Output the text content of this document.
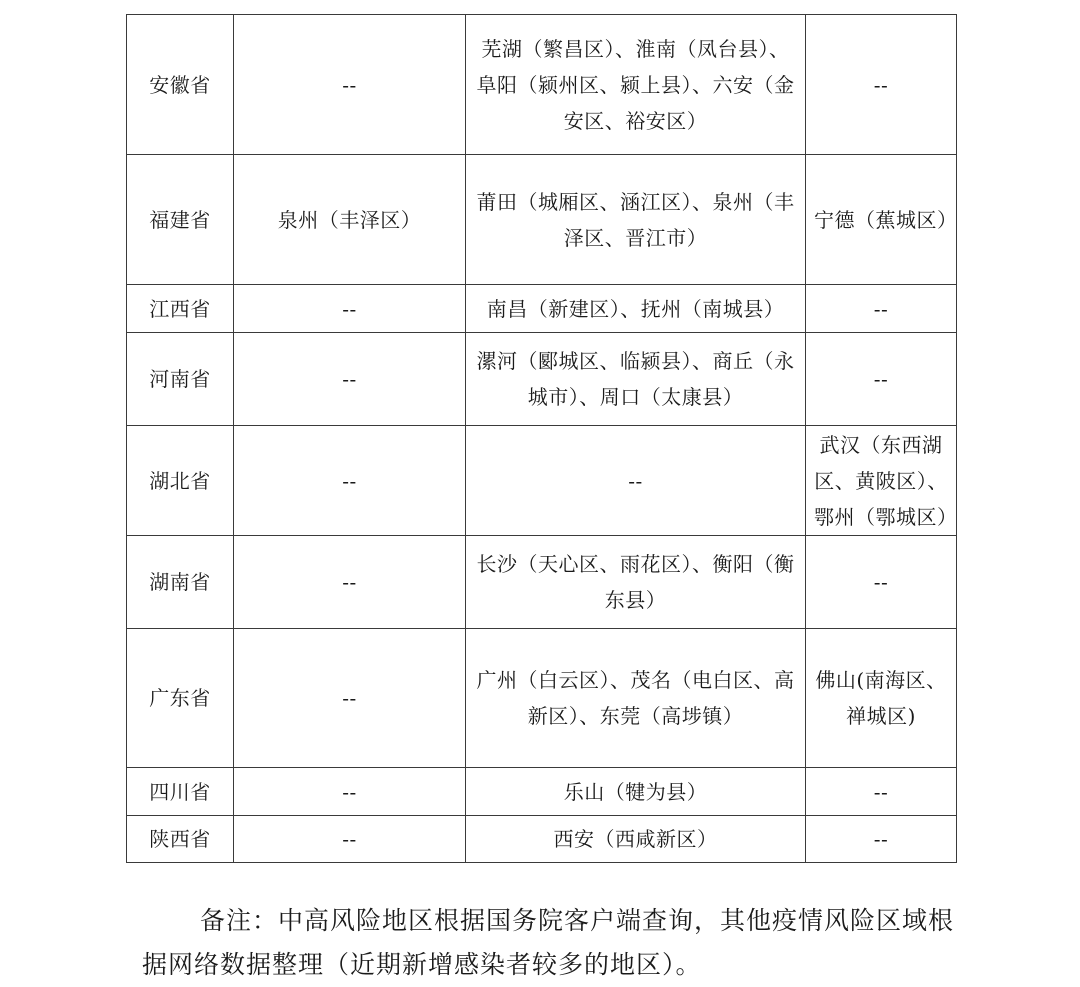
安徽省	--	芜湖（繁昌区）、淮南（凤台县）、阜阳（颍州区、颍上县）、六安（金安区、裕安区）	--
福建省	泉州（丰泽区）	莆田（城厢区、涵江区）、泉州（丰泽区、晋江市）	宁德（蕉城区）
江西省	--	南昌（新建区）、抚州（南城县）	--
河南省	--	漯河（郾城区、临颍县）、商丘（永城市）、周口（太康县）	--
湖北省	--	--	武汉（东西湖区、黄陂区）、鄂州（鄂城区）
湖南省	--	长沙（天心区、雨花区）、衡阳（衡东县）	--
广东省	--	广州（白云区）、茂名（电白区、高新区）、东莞（高埗镇）	佛山(南海区、禅城区)
四川省	--	乐山（犍为县）	--
陕西省	--	西安（西咸新区）	--

备注：中高风险地区根据国务院客户端查询，其他疫情风险区域根据网络数据整理（近期新增感染者较多的地区）。
